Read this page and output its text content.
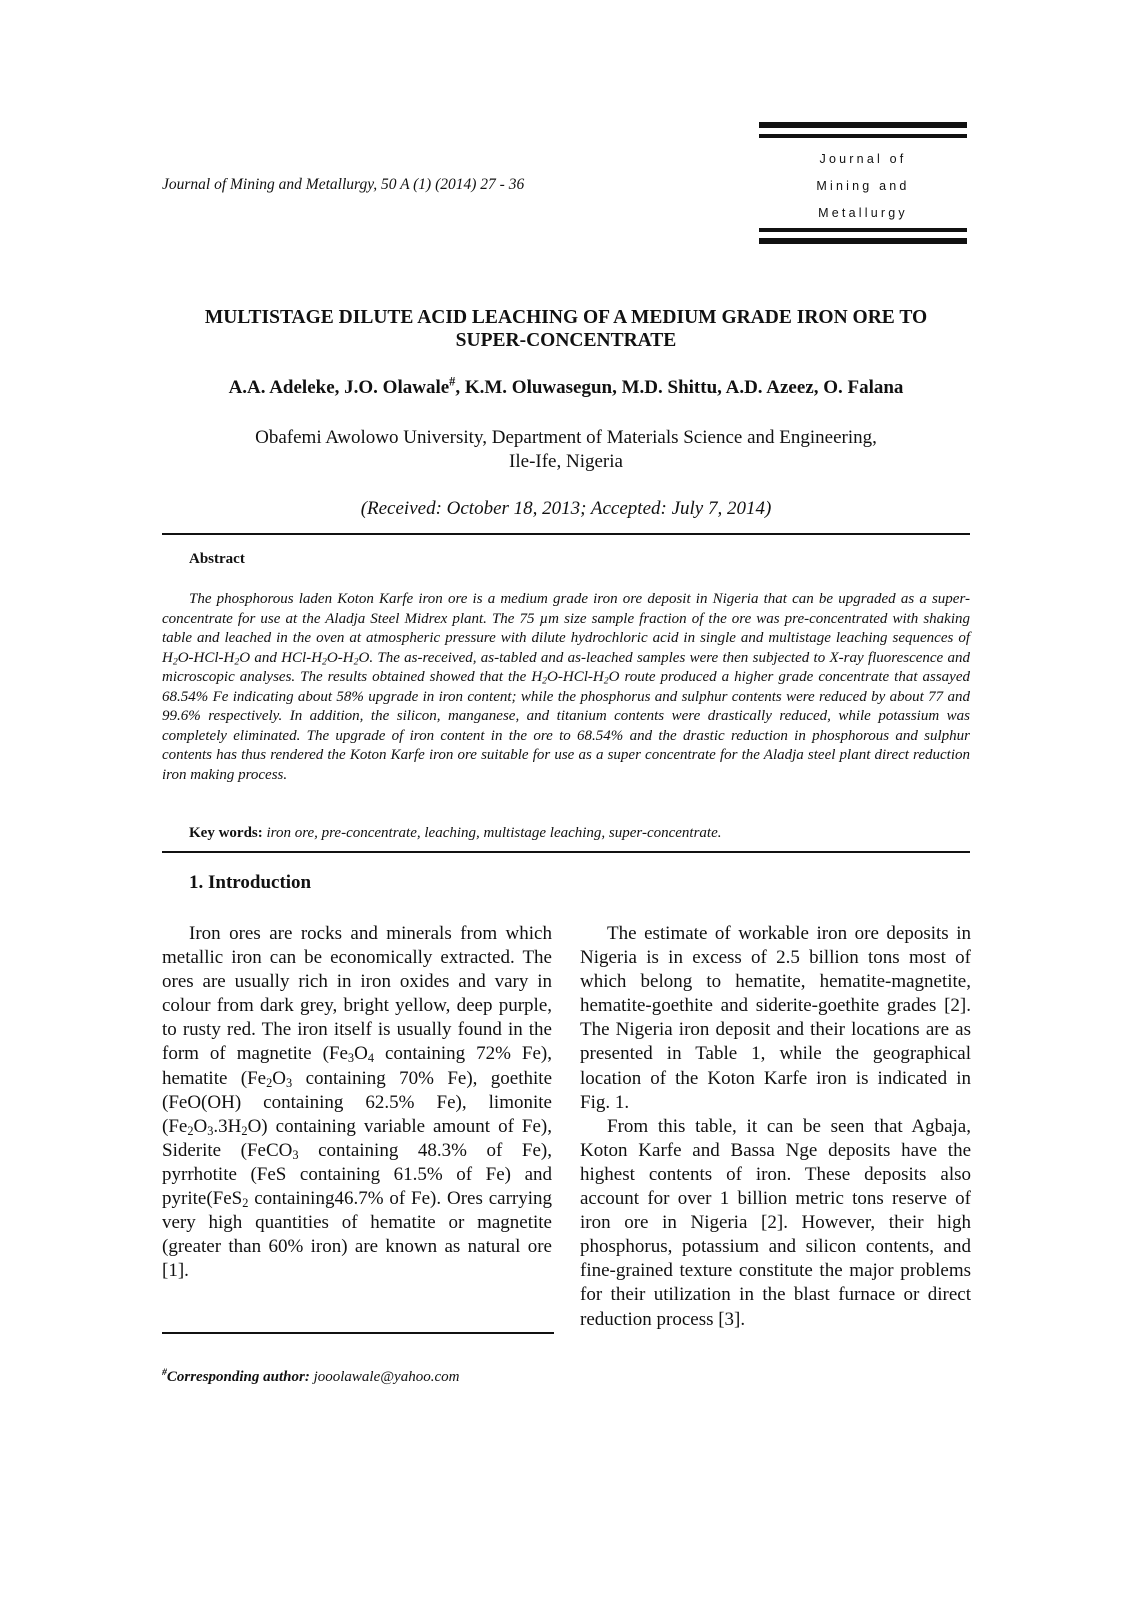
Journal of Mining and Metallurgy, 50 A (1) (2014) 27 - 36
Journal of
Mining and
Metallurgy
MULTISTAGE DILUTE ACID LEACHING OF A MEDIUM GRADE IRON ORE TO
SUPER-CONCENTRATE
A.A. Adeleke, J.O. Olawale#, K.M. Oluwasegun, M.D. Shittu, A.D. Azeez, O. Falana
Obafemi Awolowo University, Department of Materials Science and Engineering,
Ile-Ife, Nigeria
(Received: October 18, 2013; Accepted: July 7, 2014)
Abstract
The phosphorous laden Koton Karfe iron ore is a medium grade iron ore deposit in Nigeria that can be upgraded as a super-concentrate for use at the Aladja Steel Midrex plant. The 75 µm size sample fraction of the ore was pre-concentrated with shaking table and leached in the oven at atmospheric pressure with dilute hydrochloric acid in single and multistage leaching sequences of $H_2O-HCl-H_2O$ and HCl-$H_2O-H_2O$. The as-received, as-tabled and as-leached samples were then subjected to X-ray fluorescence and microscopic analyses. The results obtained showed that the $H_2O-HCl-H_2O$ route produced a higher grade concentrate that assayed 68.54% Fe indicating about 58% upgrade in iron content; while the phosphorus and sulphur contents were reduced by about 77 and 99.6% respectively. In addition, the silicon, manganese, and titanium contents were drastically reduced, while potassium was completely eliminated. The upgrade of iron content in the ore to 68.54% and the drastic reduction in phosphorous and sulphur contents has thus rendered the Koton Karfe iron ore suitable for use as a super concentrate for the Aladja steel plant direct reduction iron making process.
Key words: iron ore, pre-concentrate, leaching, multistage leaching, super-concentrate.
1. Introduction

Iron ores are rocks and minerals from which metallic iron can be economically extracted. The ores are usually rich in iron oxides and vary in colour from dark grey, bright yellow, deep purple, to rusty red. The iron itself is usually found in the form of magnetite ($Fe_3O_4$ containing 72% Fe), hematite ($Fe_2O_3$ containing 70% Fe), goethite (FeO(OH) containing 62.5% Fe), limonite $(Fe_2O_3.3H_2O)$ containing variable amount of Fe), Siderite (FeCO$_3$ containing 48.3% of Fe), pyrrhotite (FeS containing 61.5% of Fe) and pyrite(FeS$_2$ containing46.7% of Fe). Ores carrying very high quantities of hematite or magnetite (greater than 60% iron) are known as natural ore [1].

The estimate of workable iron ore deposits in Nigeria is in excess of 2.5 billion tons most of which belong to hematite, hematite-magnetite, hematite-goethite and siderite-goethite grades [2]. The Nigeria iron deposit and their locations are as presented in Table 1, while the geographical location of the Koton Karfe iron is indicated in Fig. 1.

From this table, it can be seen that Agbaja, Koton Karfe and Bassa Nge deposits have the highest contents of iron. These deposits also account for over 1 billion metric tons reserve of iron ore in Nigeria [2]. However, their high phosphorus, potassium and silicon contents, and fine-grained texture constitute the major problems for their utilization in the blast furnace or direct reduction process [3].

#Corresponding author: jooolawale@yahoo.com
